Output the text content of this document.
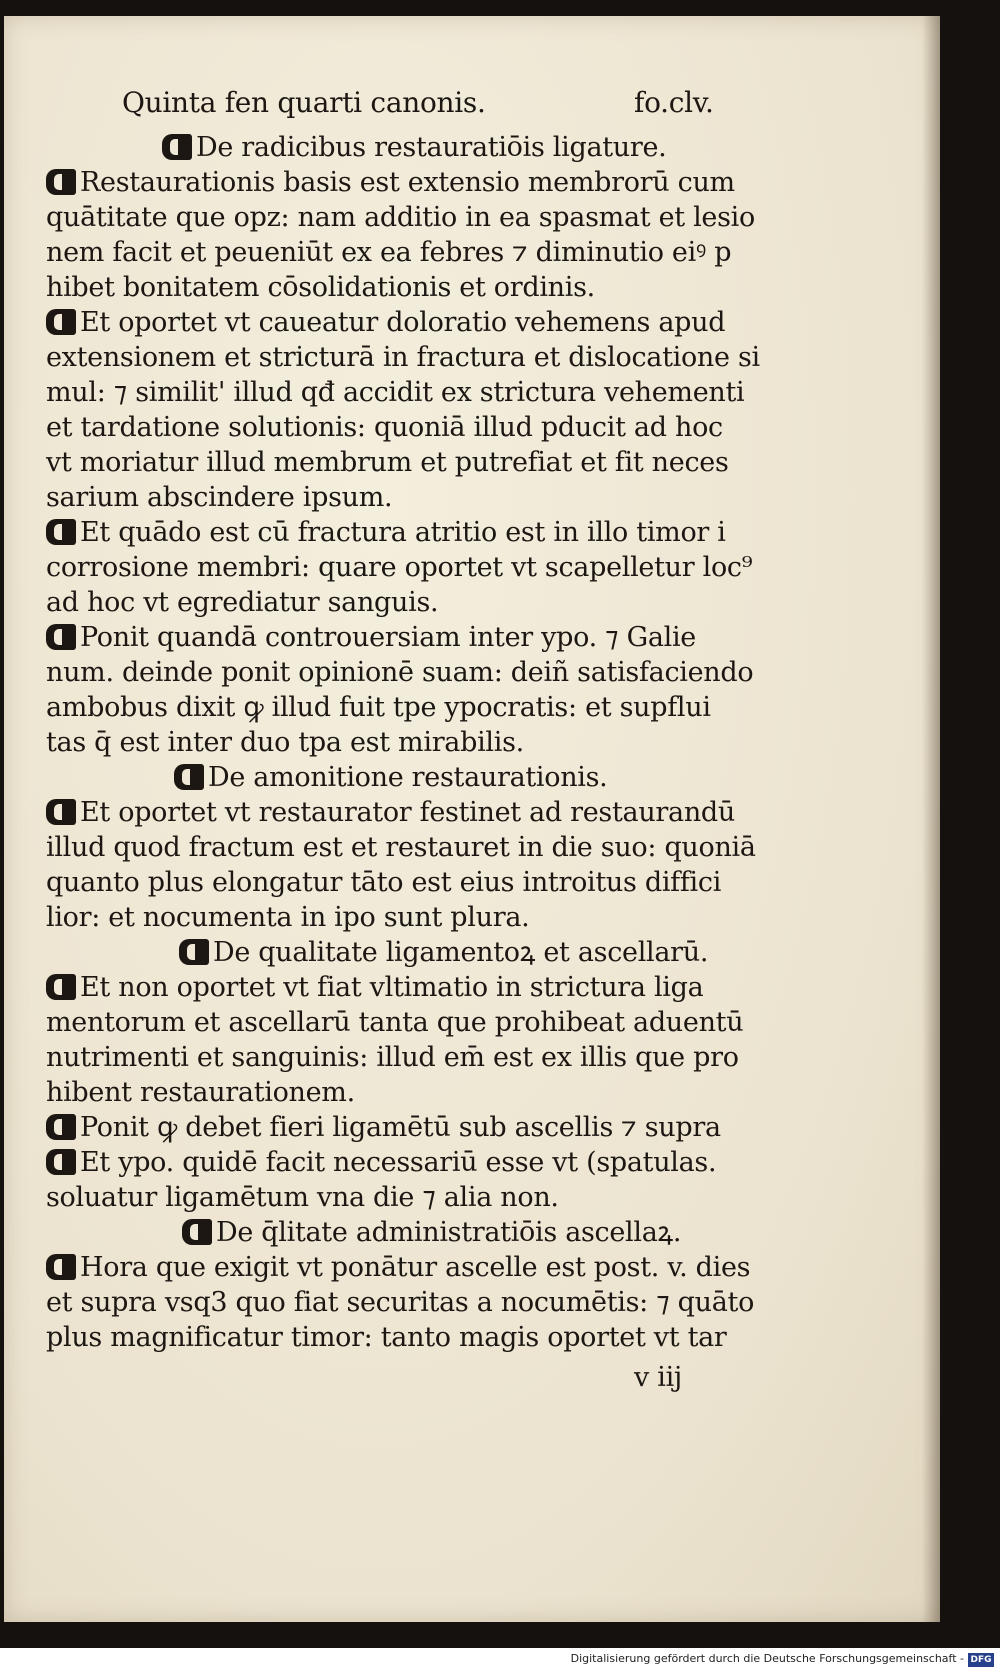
Quinta fen quarti canonis.	fo.clv.
De radicibus restauratiōis ligature.
Restaurationis basis est extensio membrorū cum
quātitate que opz: nam additio in ea spasmat et lesio
nem facit et peueniūt ex ea febres ⁊ diminutio eiꝰ p
hibet bonitatem cōsolidationis et ordinis.
Et oportet vt caueatur doloratio vehemens apud
extensionem et stricturā in fractura et dislocatione si
mul: ⁊ similit' illud qđ accidit ex strictura vehementi
et tardatione solutionis: quoniā illud pducit ad hoc
vt moriatur illud membrum et putrefiat et fit neces
sarium abscindere ipsum.
Et quādo est cū fractura atritio est in illo timor i
corrosione membri: quare oportet vt scapelletur loc⁹
ad hoc vt egrediatur sanguis.
Ponit quandā controuersiam inter ypo. ⁊ Galie
num. deinde ponit opinionē suam: deiñ satisfaciendo
ambobus dixit ꝙ illud fuit tpe ypocratis: et supflui
tas q̄ est inter duo tpa est mirabilis.
De amonitione restaurationis.
Et oportet vt restaurator festinet ad restaurandū
illud quod fractum est et restauret in die suo: quoniā
quanto plus elongatur tāto est eius introitus diffici
lior: et nocumenta in ipo sunt plura.
De qualitate ligamentoꝝ et ascellarū.
Et non oportet vt fiat vltimatio in strictura liga
mentorum et ascellarū tanta que prohibeat aduentū
nutrimenti et sanguinis: illud em̄ est ex illis que pro
hibent restaurationem.
Ponit ꝙ debet fieri ligamētū sub ascellis ⁊ supra
Et ypo. quidē facit necessariū esse vt (spatulas.
soluatur ligamētum vna die ⁊ alia non.
De q̄litate administratiōis ascellaꝝ.
Hora que exigit vt ponātur ascelle est post. v. dies
et supra vsq3 quo fiat securitas a nocumētis: ⁊ quāto
plus magnificatur timor: tanto magis oportet vt tar
v iij
Digitalisierung gefördert durch die Deutsche Forschungsgemeinschaft - DFG
